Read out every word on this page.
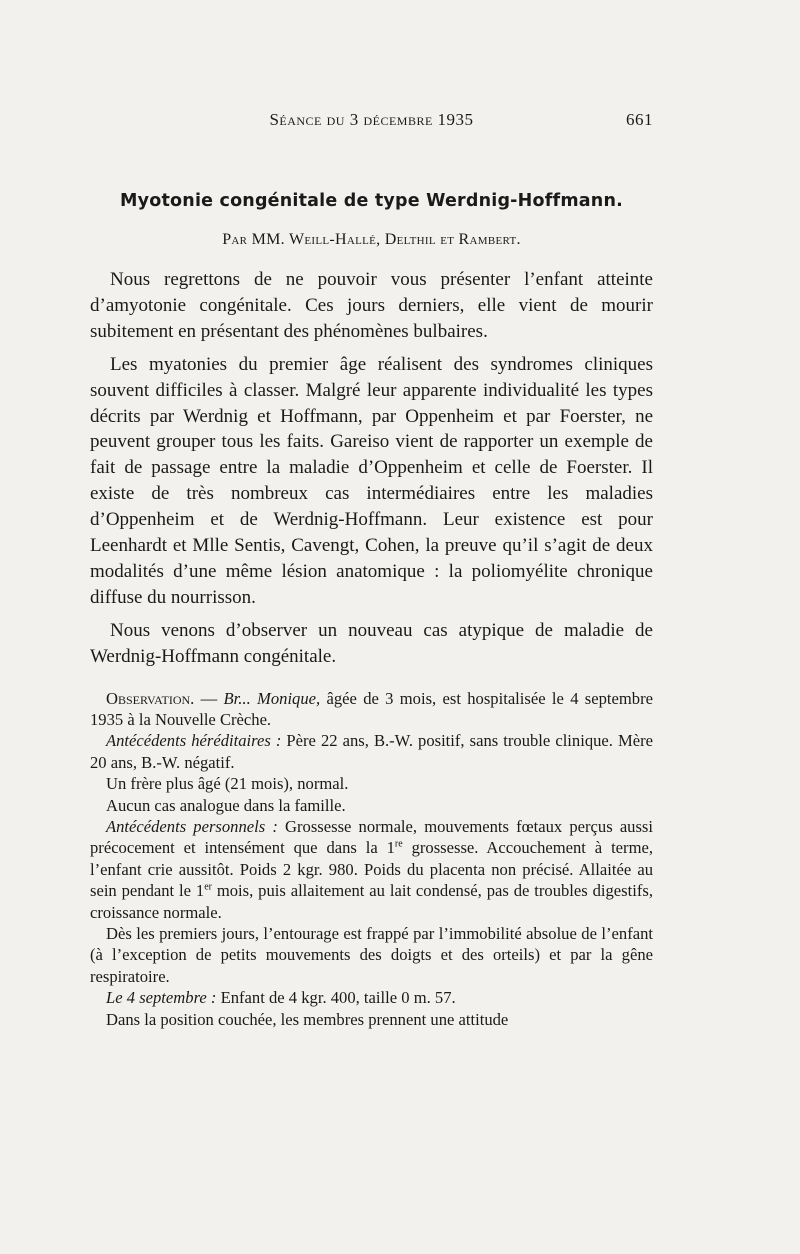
Séance du 3 décembre 1935	661
Myotonie congénitale de type Werdnig-Hoffmann.
Par MM. Weill-Hallé, Delthil et Rambert.

Nous regrettons de ne pouvoir vous présenter l’enfant atteinte d’amyotonie congénitale. Ces jours derniers, elle vient de mourir subitement en présentant des phénomènes bulbaires.

Les myatonies du premier âge réalisent des syndromes cliniques souvent difficiles à classer. Malgré leur apparente individualité les types décrits par Werdnig et Hoffmann, par Oppenheim et par Foerster, ne peuvent grouper tous les faits. Gareiso vient de rapporter un exemple de fait de passage entre la maladie d’Oppenheim et celle de Foerster. Il existe de très nombreux cas intermédiaires entre les maladies d’Oppenheim et de Werdnig-Hoffmann. Leur existence est pour Leenhardt et Mlle Sentis, Cavengt, Cohen, la preuve qu’il s’agit de deux modalités d’une même lésion anatomique : la poliomyélite chronique diffuse du nourrisson.

Nous venons d’observer un nouveau cas atypique de maladie de Werdnig-Hoffmann congénitale.

Observation. — Br... Monique, âgée de 3 mois, est hospitalisée le 4 septembre 1935 à la Nouvelle Crèche.

Antécédents héréditaires : Père 22 ans, B.-W. positif, sans trouble clinique. Mère 20 ans, B.-W. négatif.

Un frère plus âgé (21 mois), normal.

Aucun cas analogue dans la famille.

Antécédents personnels : Grossesse normale, mouvements fœtaux perçus aussi précocement et intensément que dans la 1re grossesse. Accouchement à terme, l’enfant crie aussitôt. Poids 2 kgr. 980. Poids du placenta non précisé. Allaitée au sein pendant le 1er mois, puis allaitement au lait condensé, pas de troubles digestifs, croissance normale.

Dès les premiers jours, l’entourage est frappé par l’immobilité absolue de l’enfant (à l’exception de petits mouvements des doigts et des orteils) et par la gêne respiratoire.

Le 4 septembre : Enfant de 4 kgr. 400, taille 0 m. 57.

Dans la position couchée, les membres prennent une attitude
